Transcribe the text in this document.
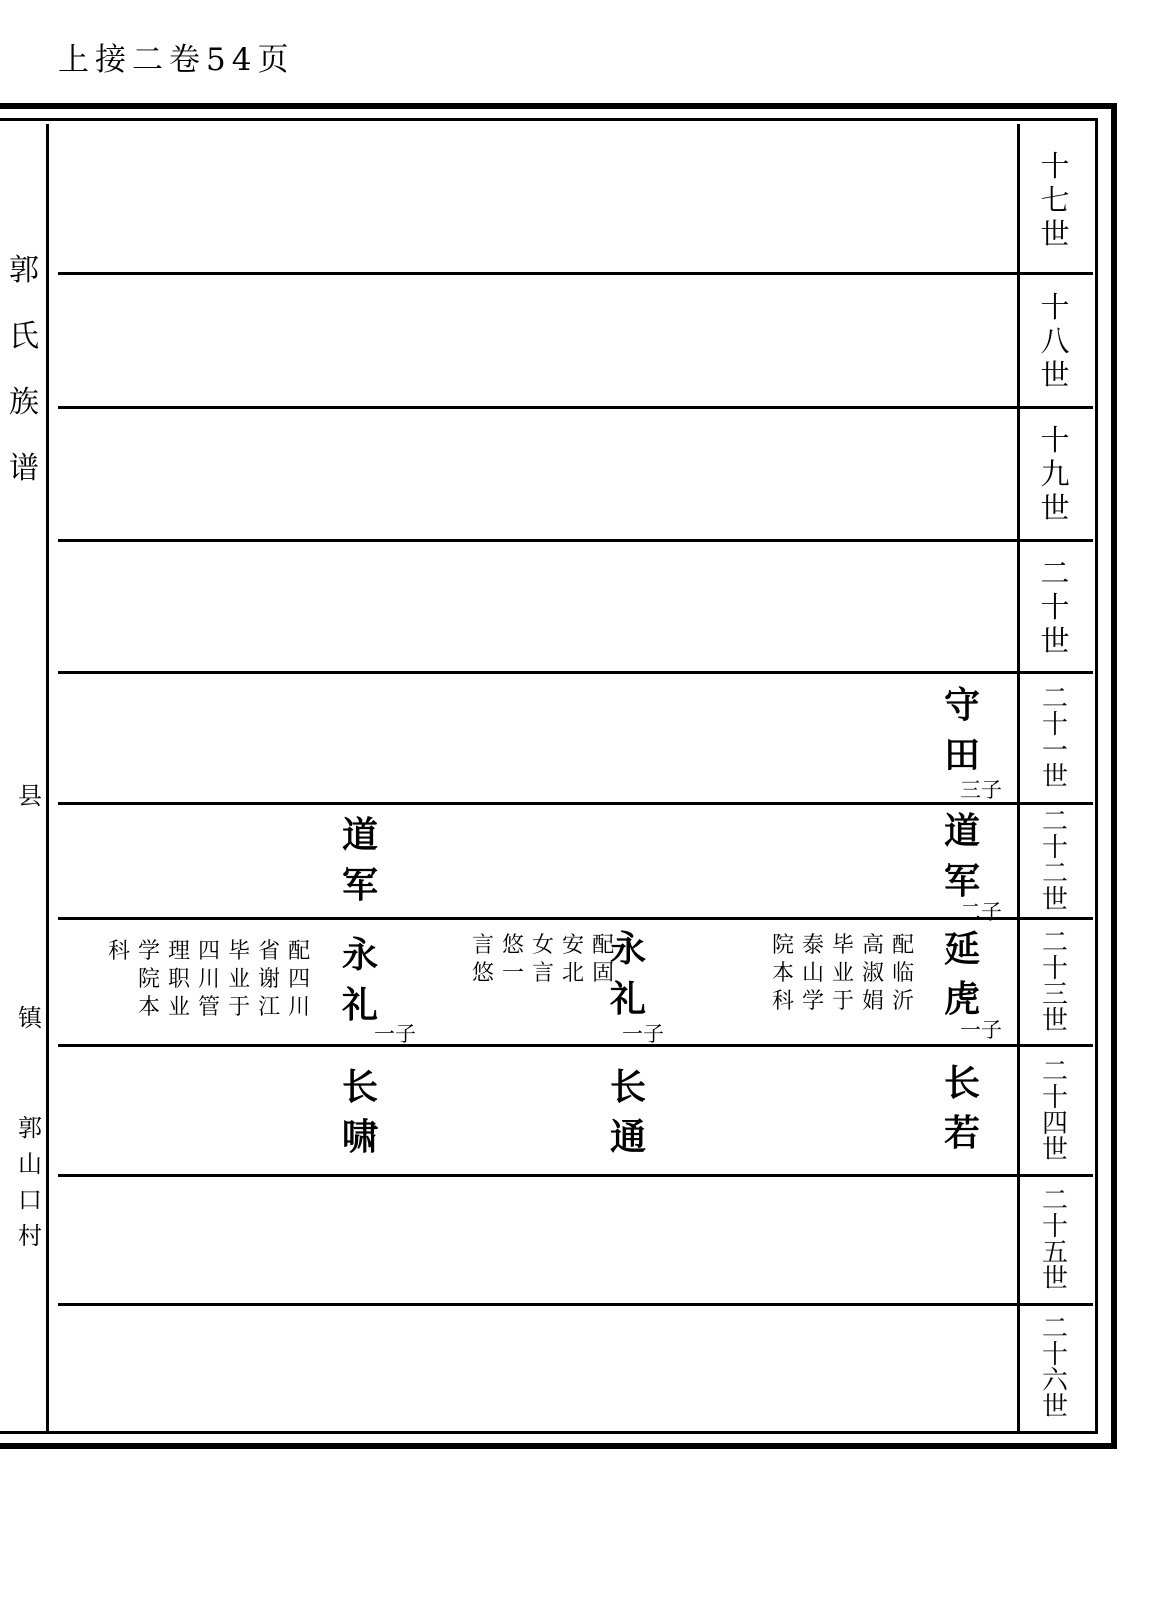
上接二卷54页
郭
氏
族
谱
县
镇
郭
山
口
村
十
七
世
十
八
世
十
九
世
二
十
世
二
十
一
世
二
十
二
世
二
十
三
世
二
十
四
世
二
十
五
世
二
十
六
世
守
田
三子
道
军
二子
道
军
延
虎
一子
配
临
沂
高
淑
娟
毕
业
于
泰
山
学
院
本
科
永
礼
一子
配
固
安
北
女
言
悠
一
言
悠
永
礼
一子
配
四
川
省
谢
江
毕
业
于
四
川
管
理
职
业
学
院
本
科
长
若
长
通
长
啸
